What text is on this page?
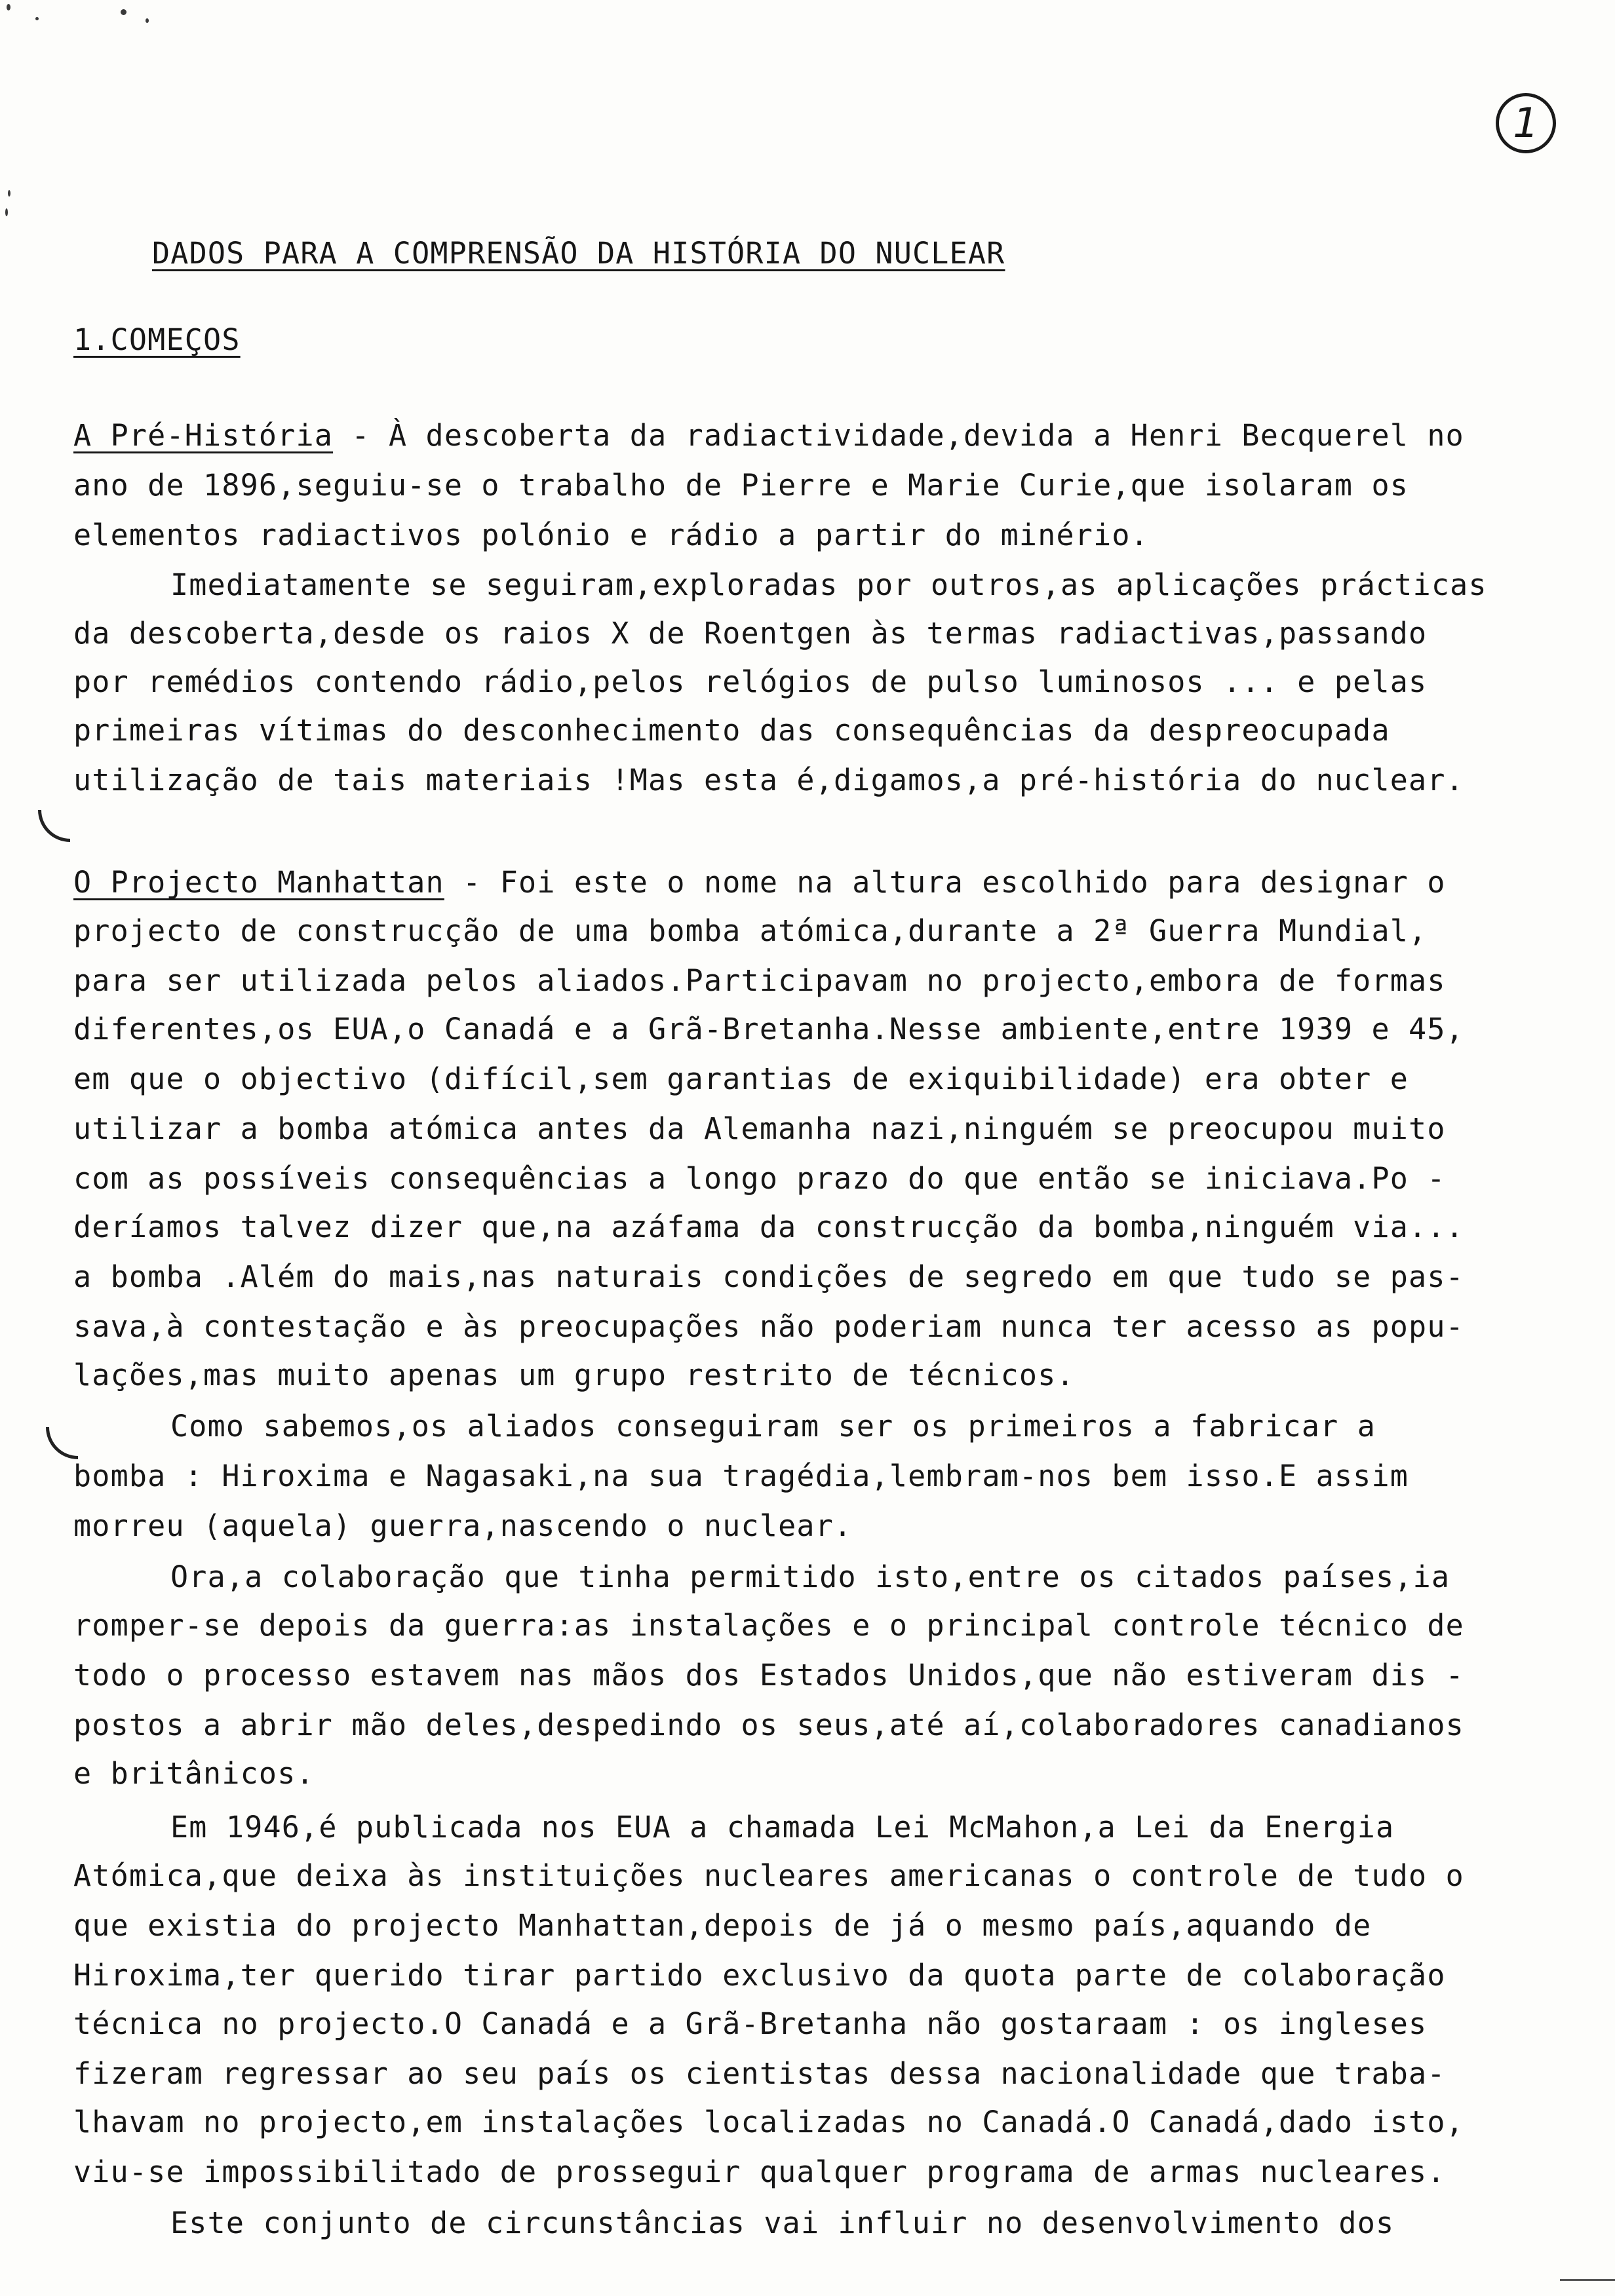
1
DADOS PARA A COMPRENSÃO DA HISTÓRIA DO NUCLEAR
1.COMEÇOS
A Pré-História - À descoberta da radiactividade,devida a Henri Becquerel no
ano de 1896,seguiu-se o trabalho de Pierre e Marie Curie,que isolaram os
elementos radiactivos polónio e rádio a partir do minério.
Imediatamente se seguiram,exploradas por outros,as aplicações prácticas
da descoberta,desde os raios X de Roentgen às termas radiactivas,passando
por remédios contendo rádio,pelos relógios de pulso luminosos ... e pelas
primeiras vítimas do desconhecimento das consequências da despreocupada
utilização de tais materiais !Mas esta é,digamos,a pré-história do nuclear.
O Projecto Manhattan - Foi este o nome na altura escolhido para designar o
projecto de construcção de uma bomba atómica,durante a 2ª Guerra Mundial,
para ser utilizada pelos aliados.Participavam no projecto,embora de formas
diferentes,os EUA,o Canadá e a Grã-Bretanha.Nesse ambiente,entre 1939 e 45,
em que o objectivo (difícil,sem garantias de exiquibilidade) era obter e
utilizar a bomba atómica antes da Alemanha nazi,ninguém se preocupou muito
com as possíveis consequências a longo prazo do que então se iniciava.Po -
deríamos talvez dizer que,na azáfama da construcção da bomba,ninguém via...
a bomba .Além do mais,nas naturais condições de segredo em que tudo se pas-
sava,à contestação e às preocupações não poderiam nunca ter acesso as popu-
lações,mas muito apenas um grupo restrito de técnicos.
Como sabemos,os aliados conseguiram ser os primeiros a fabricar a
bomba : Hiroxima e Nagasaki,na sua tragédia,lembram-nos bem isso.E assim
morreu (aquela) guerra,nascendo o nuclear.
Ora,a colaboração que tinha permitido isto,entre os citados países,ia
romper-se depois da guerra:as instalações e o principal controle técnico de
todo o processo estavem nas mãos dos Estados Unidos,que não estiveram dis -
postos a abrir mão deles,despedindo os seus,até aí,colaboradores canadianos
e britânicos.
Em 1946,é publicada nos EUA a chamada Lei McMahon,a Lei da Energia
Atómica,que deixa às instituições nucleares americanas o controle de tudo o
que existia do projecto Manhattan,depois de já o mesmo país,aquando de
Hiroxima,ter querido tirar partido exclusivo da quota parte de colaboração
técnica no projecto.O Canadá e a Grã-Bretanha não gostaraam : os ingleses
fizeram regressar ao seu país os cientistas dessa nacionalidade que traba-
lhavam no projecto,em instalações localizadas no Canadá.O Canadá,dado isto,
viu-se impossibilitado de prosseguir qualquer programa de armas nucleares.
Este conjunto de circunstâncias vai influir no desenvolvimento dos
